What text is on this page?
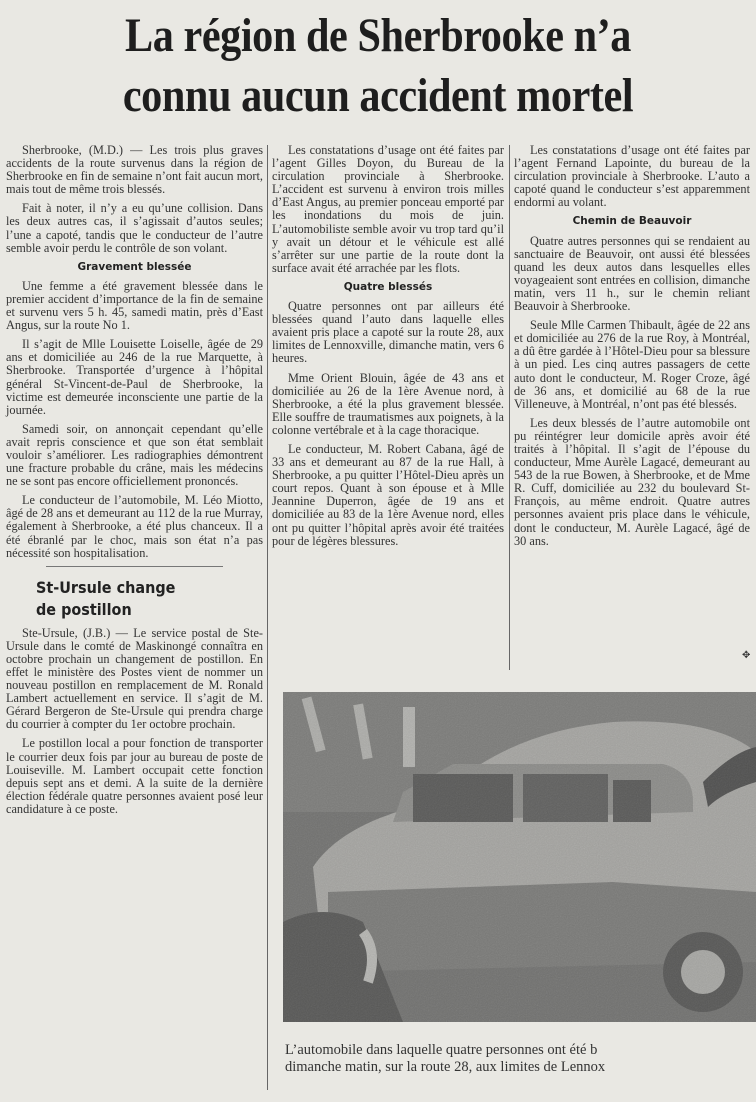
La région de Sherbrooke n’a
connu aucun accident mortel

Sherbrooke, (M.D.) — Les trois plus graves accidents de la route survenus dans la région de Sherbrooke en fin de semaine n’ont fait aucun mort, mais tout de même trois blessés.

Fait à noter, il n’y a eu qu’une collision. Dans les deux autres cas, il s’agissait d’autos seules; l’une a capoté, tandis que le conducteur de l’autre semble avoir perdu le contrôle de son volant.

Gravement blessée

Une femme a été gravement blessée dans le premier accident d’importance de la fin de semaine et survenu vers 5 h. 45, samedi matin, près d’East Angus, sur la route No 1.

Il s’agit de Mlle Louisette Loiselle, âgée de 29 ans et domiciliée au 246 de la rue Marquette, à Sherbrooke. Transportée d’urgence à l’hôpital général St-Vincent-de-Paul de Sherbrooke, la victime est demeurée inconsciente une partie de la journée.

Samedi soir, on annonçait cependant qu’elle avait repris conscience et que son état semblait vouloir s’améliorer. Les radiographies démontrent une fracture probable du crâne, mais les médecins ne se sont pas encore officiellement prononcés.

Le conducteur de l’automobile, M. Léo Miotto, âgé de 28 ans et demeurant au 112 de la rue Murray, également à Sherbrooke, a été plus chanceux. Il a été ébranlé par le choc, mais son état n’a pas nécessité son hospitalisation.

St-Ursule change
de postillon

Ste-Ursule, (J.B.) — Le service postal de Ste-Ursule dans le comté de Maskinongé connaîtra en octobre prochain un changement de postillon. En effet le ministère des Postes vient de nommer un nouveau postillon en remplacement de M. Ronald Lambert actuellement en service. Il s’agit de M. Gérard Bergeron de Ste-Ursule qui prendra charge du courrier à compter du 1er octobre prochain.

Le postillon local a pour fonction de transporter le courrier deux fois par jour au bureau de poste de Louiseville. M. Lambert occupait cette fonction depuis sept ans et demi. A la suite de la dernière élection fédérale quatre personnes avaient posé leur candidature à ce poste.

Les constatations d’usage ont été faites par l’agent Gilles Doyon, du Bureau de la circulation provinciale à Sherbrooke. L’accident est survenu à environ trois milles d’East Angus, au premier ponceau emporté par les inondations du mois de juin. L’automobiliste semble avoir vu trop tard qu’il y avait un détour et le véhicule est allé s’arrêter sur une partie de la route dont la surface avait été arrachée par les flots.

Quatre blessés

Quatre personnes ont par ailleurs été blessées quand l’auto dans laquelle elles avaient pris place a capoté sur la route 28, aux limites de Lennoxville, dimanche matin, vers 6 heures.

Mme Orient Blouin, âgée de 43 ans et domiciliée au 26 de la 1ère Avenue nord, à Sherbrooke, a été la plus gravement blessée. Elle souffre de traumatismes aux poignets, à la colonne vertébrale et à la cage thoracique.

Le conducteur, M. Robert Cabana, âgé de 33 ans et demeurant au 87 de la rue Hall, à Sherbrooke, a pu quitter l’Hôtel-Dieu après un court repos. Quant à son épouse et à Mlle Jeannine Duperron, âgée de 19 ans et domiciliée au 83 de la 1ère Avenue nord, elles ont pu quitter l’hôpital après avoir été traitées pour de légères blessures.

Les constatations d’usage ont été faites par l’agent Fernand Lapointe, du bureau de la circulation provinciale à Sherbrooke. L’auto a capoté quand le conducteur s’est apparemment endormi au volant.

Chemin de Beauvoir

Quatre autres personnes qui se rendaient au sanctuaire de Beauvoir, ont aussi été blessées quand les deux autos dans lesquelles elles voyageaient sont entrées en collision, dimanche matin, vers 11 h., sur le chemin reliant Beauvoir à Sherbrooke.

Seule Mlle Carmen Thibault, âgée de 22 ans et domiciliée au 276 de la rue Roy, à Montréal, a dû être gardée à l’Hôtel-Dieu pour sa blessure à un pied. Les cinq autres passagers de cette auto dont le conducteur, M. Roger Croze, âgé de 36 ans, et domicilié au 68 de la rue Villeneuve, à Montréal, n’ont pas été blessés.

Les deux blessés de l’autre automobile ont pu réintégrer leur domicile après avoir été traités à l’hôpital. Il s’agit de l’épouse du conducteur, Mme Aurèle Lagacé, demeurant au 543 de la rue Bowen, à Sherbrooke, et de Mme R. Cuff, domiciliée au 232 du boulevard St-François, au même endroit. Quatre autres personnes avaient pris place dans le véhicule, dont le conducteur, M. Aurèle Lagacé, âgé de 30 ans.

✥
L’automobile dans laquelle quatre personnes ont été b
dimanche matin, sur la route 28, aux limites de Lennox
